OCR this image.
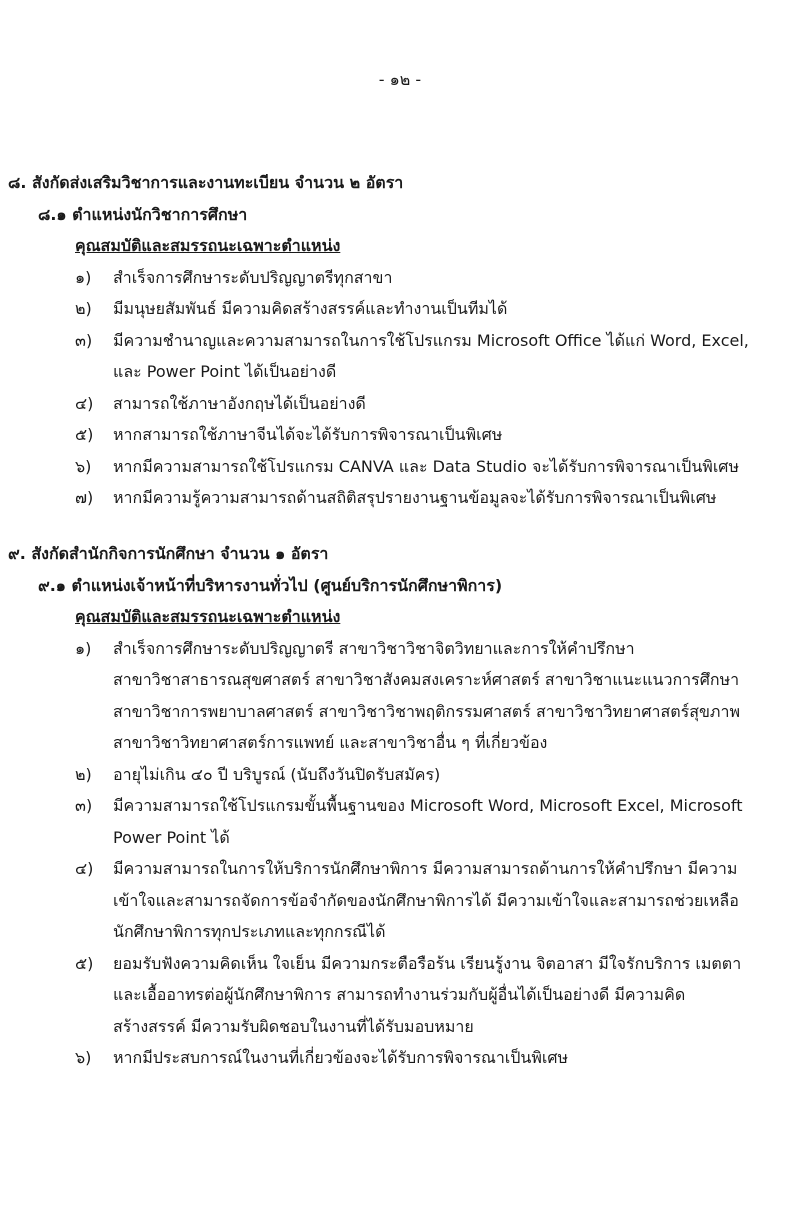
- ๑๒ -
๘. สังกัดส่งเสริมวิชาการและงานทะเบียน จำนวน ๒ อัตรา
๘.๑ ตำแหน่งนักวิชาการศึกษา
คุณสมบัติและสมรรถนะเฉพาะตำแหน่ง
๑) สำเร็จการศึกษาระดับปริญญาตรีทุกสาขา
๒) มีมนุษยสัมพันธ์ มีความคิดสร้างสรรค์และทำงานเป็นทีมได้
๓) มีความชำนาญและความสามารถในการใช้โปรแกรม Microsoft Office ได้แก่ Word, Excel,
และ Power Point ได้เป็นอย่างดี
๔) สามารถใช้ภาษาอังกฤษได้เป็นอย่างดี
๕) หากสามารถใช้ภาษาจีนได้จะได้รับการพิจารณาเป็นพิเศษ
๖) หากมีความสามารถใช้โปรแกรม CANVA และ Data Studio จะได้รับการพิจารณาเป็นพิเศษ
๗) หากมีความรู้ความสามารถด้านสถิติสรุปรายงานฐานข้อมูลจะได้รับการพิจารณาเป็นพิเศษ
๙. สังกัดสำนักกิจการนักศึกษา จำนวน ๑ อัตรา
๙.๑ ตำแหน่งเจ้าหน้าที่บริหารงานทั่วไป (ศูนย์บริการนักศึกษาพิการ)
คุณสมบัติและสมรรถนะเฉพาะตำแหน่ง
๑) สำเร็จการศึกษาระดับปริญญาตรี สาขาวิชาวิชาจิตวิทยาและการให้คำปรึกษา
สาขาวิชาสาธารณสุขศาสตร์ สาขาวิชาสังคมสงเคราะห์ศาสตร์ สาขาวิชาแนะแนวการศึกษา
สาขาวิชาการพยาบาลศาสตร์ สาขาวิชาวิชาพฤติกรรมศาสตร์ สาขาวิชาวิทยาศาสตร์สุขภาพ
สาขาวิชาวิทยาศาสตร์การแพทย์ และสาขาวิชาอื่น ๆ ที่เกี่ยวข้อง
๒) อายุไม่เกิน ๔๐ ปี บริบูรณ์ (นับถึงวันปิดรับสมัคร)
๓) มีความสามารถใช้โปรแกรมขั้นพื้นฐานของ Microsoft Word, Microsoft Excel, Microsoft
Power Point ได้
๔) มีความสามารถในการให้บริการนักศึกษาพิการ มีความสามารถด้านการให้คำปรึกษา มีความ
เข้าใจและสามารถจัดการข้อจำกัดของนักศึกษาพิการได้ มีความเข้าใจและสามารถช่วยเหลือ
นักศึกษาพิการทุกประเภทและทุกกรณีได้
๕) ยอมรับฟังความคิดเห็น ใจเย็น มีความกระตือรือร้น เรียนรู้งาน จิตอาสา มีใจรักบริการ เมตตา
และเอื้ออาทรต่อผู้นักศึกษาพิการ สามารถทำงานร่วมกับผู้อื่นได้เป็นอย่างดี มีความคิด
สร้างสรรค์ มีความรับผิดชอบในงานที่ได้รับมอบหมาย
๖) หากมีประสบการณ์ในงานที่เกี่ยวข้องจะได้รับการพิจารณาเป็นพิเศษ
